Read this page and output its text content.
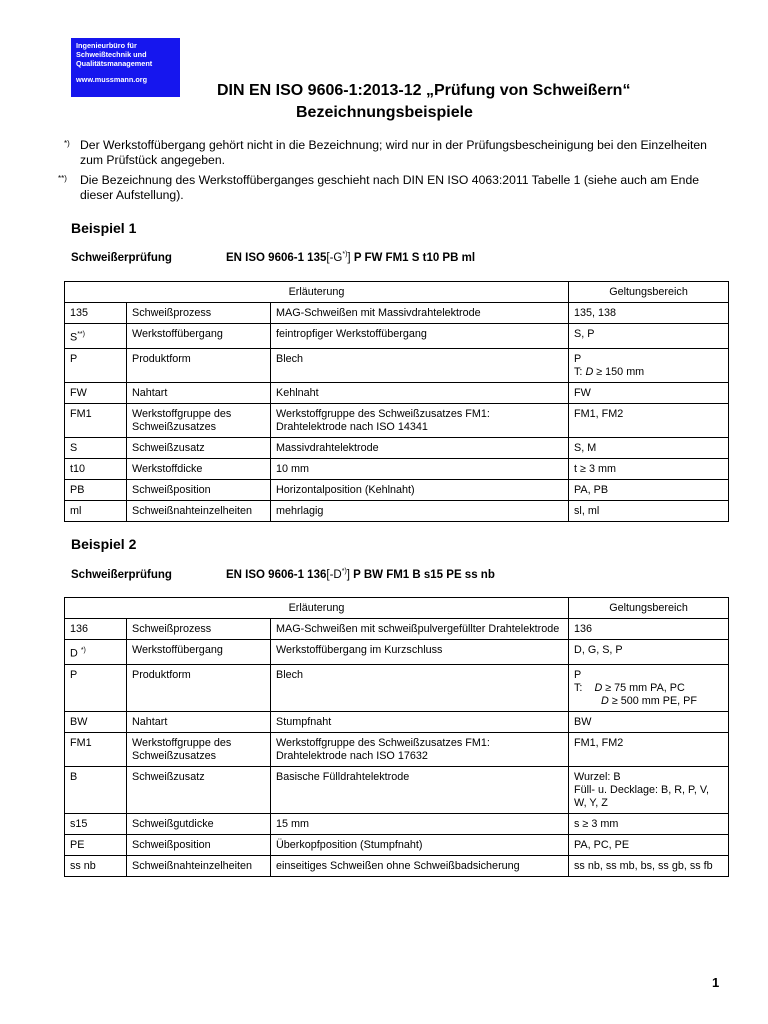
Ingenieurbüro für
Schweißtechnik und
Qualitätsmanagement
www.mussmann.org
DIN EN ISO 9606-1:2013-12 „Prüfung von Schweißern“
Bezeichnungsbeispiele
*) Der Werkstoffübergang gehört nicht in die Bezeichnung; wird nur in der Prüfungsbescheinigung bei den Einzelheiten zum Prüfstück angegeben.
**) Die Bezeichnung des Werkstoffüberganges geschieht nach DIN EN ISO 4063:2011 Tabelle 1 (siehe auch am Ende dieser Aufstellung).
Beispiel 1
Schweißerprüfung	EN ISO 9606-1 135[-G*)] P FW FM1 S t10 PB ml
Erläuterung			Geltungsbereich
135	Schweißprozess	MAG-Schweißen mit Massivdrahtelektrode	135, 138
S**)	Werkstoffübergang	feintropfiger Werkstoffübergang	S, P
P	Produktform	Blech	P
T: D ≥ 150 mm

FW	Nahtart	Kehlnaht	FW
FM1	Werkstoffgruppe des Schweißzusatzes	Werkstoffgruppe des Schweißzusatzes FM1: Drahtelektrode nach ISO 14341	FM1, FM2
S	Schweißzusatz	Massivdrahtelektrode	S, M
t10	Werkstoffdicke	10 mm	t ≥ 3 mm
PB	Schweißposition	Horizontalposition (Kehlnaht)	PA, PB
ml	Schweißnahteinzelheiten	mehrlagig	sl, ml
Beispiel 2
Schweißerprüfung	EN ISO 9606-1 136[-D*)] P BW FM1 B s15 PE ss nb
Erläuterung			Geltungsbereich
136	Schweißprozess	MAG-Schweißen mit schweißpulvergefüllter Drahtelektrode	136
D *)	Werkstoffübergang	Werkstoffübergang im Kurzschluss	D, G, S, P
P	Produktform	Blech	P
T:    D ≥ 75 mm PA, PC
D ≥ 500 mm PE, PF

BW	Nahtart	Stumpfnaht	BW
FM1	Werkstoffgruppe des Schweißzusatzes	Werkstoffgruppe des Schweißzusatzes FM1: Drahtelektrode nach ISO 17632	FM1, FM2
B	Schweißzusatz	Basische Fülldrahtelektrode	Wurzel: B
Füll- u. Decklage: B, R, P, V, W, Y, Z

s15	Schweißgutdicke	15 mm	s ≥ 3 mm
PE	Schweißposition	Überkopfposition (Stumpfnaht)	PA, PC, PE
ss nb	Schweißnahteinzelheiten	einseitiges Schweißen ohne Schweißbadsicherung	ss nb, ss mb, bs, ss gb, ss fb
1
